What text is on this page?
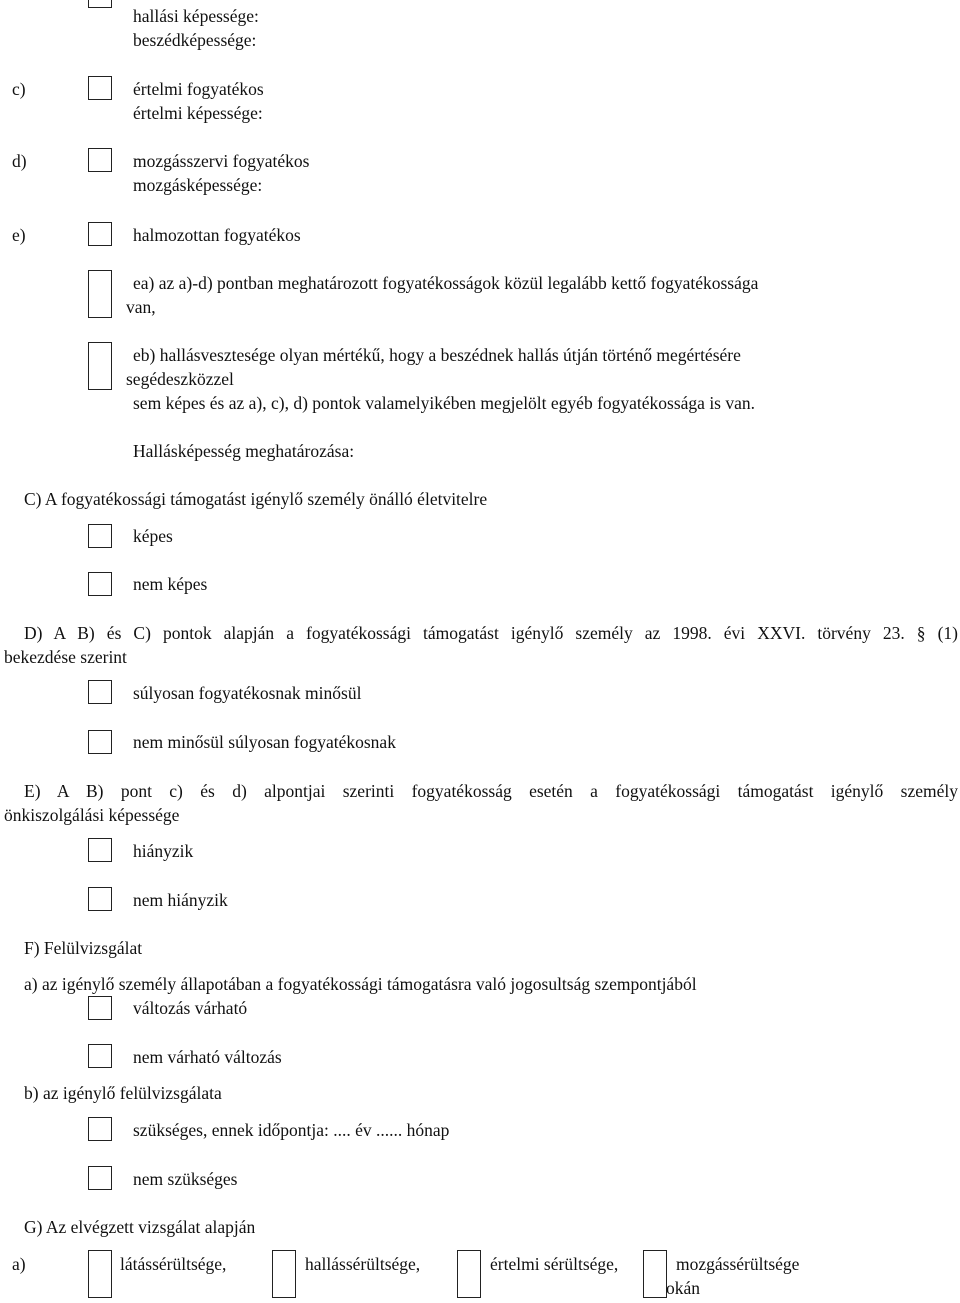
hallási képessége:
beszédképessége:
c)	értelmi fogyatékos
értelmi képessége:
d)	mozgásszervi fogyatékos
mozgásképessége:
e)	halmozottan fogyatékos
ea) az a)-d) pontban meghatározott fogyatékosságok közül legalább kettő fogyatékossága
van,
eb) hallásvesztesége olyan mértékű, hogy a beszédnek hallás útján történő megértésére
segédeszközzel
sem képes és az a), c), d) pontok valamelyikében megjelölt egyéb fogyatékossága is van.
Hallásképesség meghatározása:
C) A fogyatékossági támogatást igénylő személy önálló életvitelre
képes
nem képes
D) A B) és C) pontok alapján a fogyatékossági támogatást igénylő személy az 1998. évi XXVI. törvény 23. § (1)
bekezdése szerint
súlyosan fogyatékosnak minősül
nem minősül súlyosan fogyatékosnak
E) A B) pont c) és d) alpontjai szerinti fogyatékosság esetén a fogyatékossági támogatást igénylő személy
önkiszolgálási képessége
hiányzik
nem hiányzik
F) Felülvizsgálat
a) az igénylő személy állapotában a fogyatékossági támogatásra való jogosultság szempontjából
változás várható
nem várható változás
b) az igénylő felülvizsgálata
szükséges, ennek időpontja: .... év ...... hónap
nem szükséges
G) Az elvégzett vizsgálat alapján
a)	látássérültsége,	hallássérültsége,	értelmi sérültsége,	mozgássérültsége
okán
